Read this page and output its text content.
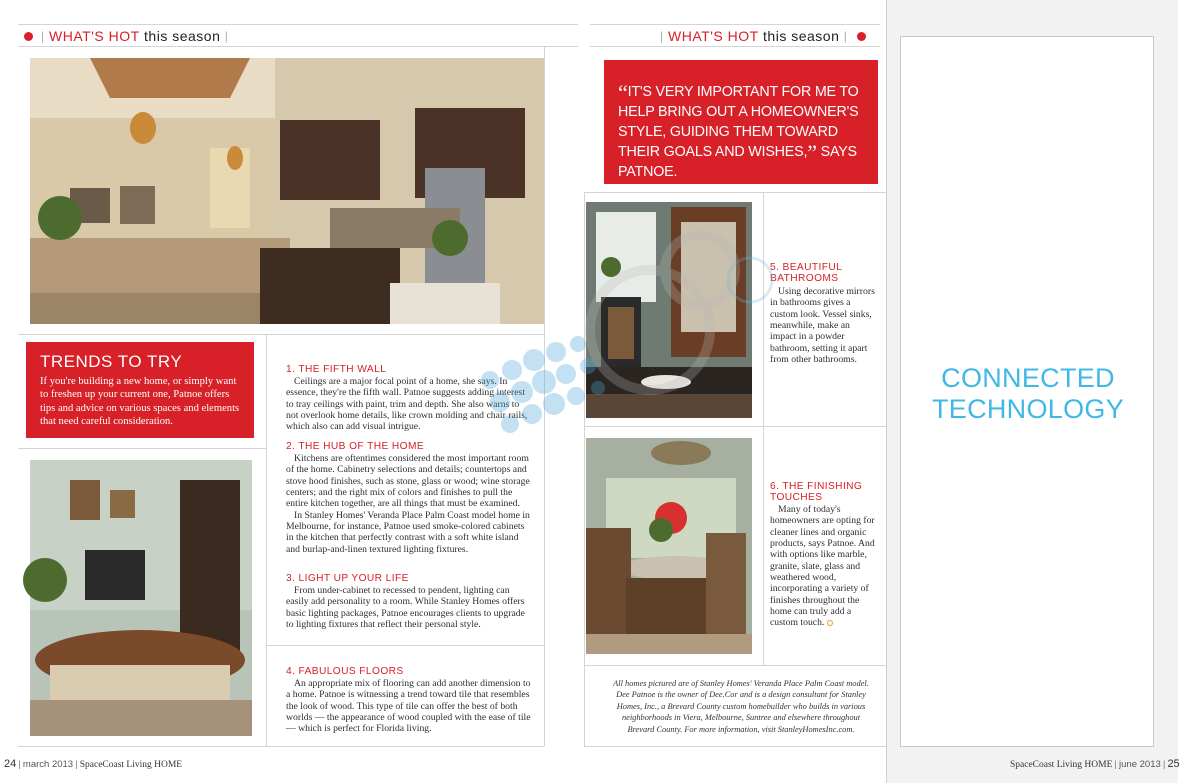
|
WHAT'S HOT
this season
|	|
WHAT'S HOT
this season
|
TRENDS TO TRY
If you're building a new home, or simply want to freshen up your current one, Patnoe offers tips and advice on various spaces and elements that need careful consideration.
“IT'S VERY IMPORTANT FOR ME TO HELP BRING OUT A HOMEOWNER'S STYLE, GUIDING THEM TOWARD THEIR GOALS AND WISHES,” SAYS PATNOE.
1. THE FIFTH WALL

Ceilings are a major focal point of a home, she says. In essence, they're the fifth wall. Patnoe suggests adding interest to tray ceilings with paint, trim and depth. She also warns to not overlook home details, like crown molding and chair rails, which also can add visual intrigue.

2. THE HUB OF THE HOME

Kitchens are oftentimes considered the most important room of the home. Cabinetry selections and details; countertops and stove hood finishes, such as stone, glass or wood; wine storage centers; and the right mix of colors and finishes to pull the entire kitchen together, are all things that must be examined.

In Stanley Homes' Veranda Place Palm Coast model home in Melbourne, for instance, Patnoe used smoke-colored cabinets in the kitchen that perfectly contrast with a soft white island and burlap-and-linen textured lighting fixtures.

3. LIGHT UP YOUR LIFE

From under-cabinet to recessed to pendent, lighting can easily add personality to a room. While Stanley Homes offers basic lighting packages, Patnoe encourages clients to upgrade to lighting fixtures that reflect their personal style.

4. FABULOUS FLOORS

An appropriate mix of flooring can add another dimension to a home. Patnoe is witnessing a trend toward tile that resembles the look of wood. This type of tile can offer the best of both worlds — the appearance of wood coupled with the ease of tile — which is perfect for Florida living.

5. BEAUTIFUL BATHROOMS

Using decorative mirrors in bathrooms gives a custom look. Vessel sinks, meanwhile, make an impact in a powder bathroom, setting it apart from other bathrooms.

6. THE FINISHING TOUCHES

Many of today's homeowners are opting for cleaner lines and organic products, says Patnoe. And with options like marble, granite, slate, glass and weathered wood, incorporating a variety of finishes throughout the home can truly add a custom touch.

All homes pictured are of Stanley Homes' Veranda Place Palm Coast model. Dee Patnoe is the owner of Dee.Cor and is a design consultant for Stanley Homes, Inc., a Brevard County custom homebuilder who builds in various neighborhoods in Viera, Melbourne, Suntree and elsewhere throughout Brevard County. For more information, visit StanleyHomesInc.com.
24 | march 2013 | SpaceCoast Living HOME	SpaceCoast Living HOME | june 2013 | 25
CONNECTED
TECHNOLOGY
